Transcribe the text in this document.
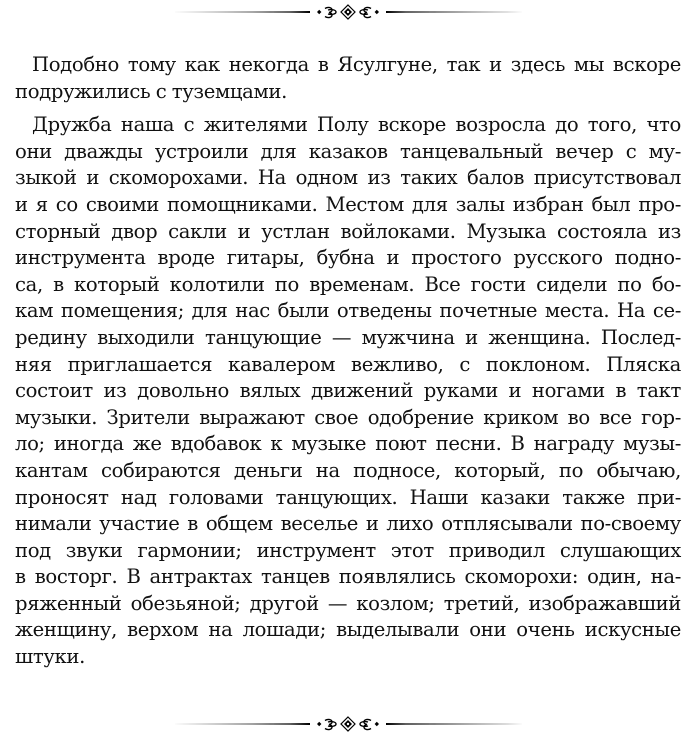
Подобно тому как некогда в Ясулгуне, так и здесь мы вскоре
подружились с туземцами.

Дружба наша с жителями Полу вскоре возросла до того, что
они дважды устроили для казаков танцевальный вечер с му-
зыкой и скоморохами. На одном из таких балов присутствовал
и я со своими помощниками. Местом для залы избран был про-
сторный двор сакли и устлан войлоками. Музыка состояла из
инструмента вроде гитары, бубна и простого русского подно-
са, в который колотили по временам. Все гости сидели по бо-
кам помещения; для нас были отведены почетные места. На се-
редину выходили танцующие — мужчина и женщина. Послед-
няя приглашается кавалером вежливо, с поклоном. Пляска
состоит из довольно вялых движений руками и ногами в такт
музыки. Зрители выражают свое одобрение криком во все гор-
ло; иногда же вдобавок к музыке поют песни. В награду музы-
кантам собираются деньги на подносе, который, по обычаю,
проносят над головами танцующих. Наши казаки также при-
нимали участие в общем веселье и лихо отплясывали по-своему
под звуки гармонии; инструмент этот приводил слушающих
в восторг. В антрактах танцев появлялись скоморохи: один, на-
ряженный обезьяной; другой — козлом; третий, изображавший
женщину, верхом на лошади; выделывали они очень искусные
штуки.
